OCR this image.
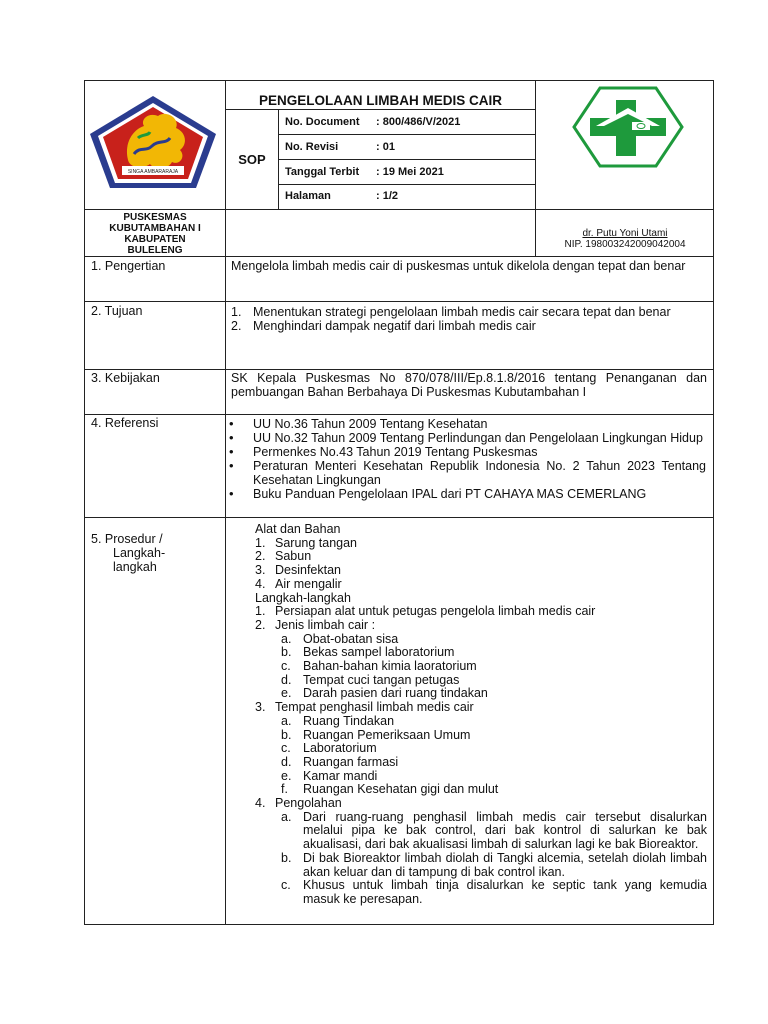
SINGA AMBARARAJA
PENGELOLAAN LIMBAH MEDIS CAIR
SOP
No. Document : 800/486/V/2021
No. Revisi	: 01
Tanggal Terbit : 19 Mei 2021
Halaman	: 1/2
PUSKESMAS
KUBUTAMBAHAN I
KABUPATEN
BULELENG
dr. Putu Yoni Utami
NIP. 198003242009042004
1. Pengertian	Mengelola limbah medis cair di puskesmas untuk dikelola dengan tepat dan benar
2. Tujuan	1. Menentukan strategi pengelolaan limbah medis cair secara tepat dan benar
2. Menghindari dampak negatif dari limbah medis cair
3. Kebijakan	SK Kepala Puskesmas No 870/078/III/Ep.8.1.8/2016 tentang Penanganan dan pembuangan Bahan Berbahaya Di Puskesmas Kubutambahan I
4. Referensi
•	UU No.36 Tahun 2009 Tentang Kesehatan
• UU No.32 Tahun 2009 Tentang Perlindungan dan Pengelolaan Lingkungan Hidup
• Permenkes No.43 Tahun 2019 Tentang Puskesmas
• Peraturan Menteri Kesehatan Republik Indonesia No. 2 Tahun 2023 Tentang Kesehatan Lingkungan
• Buku Panduan Pengelolaan IPAL dari PT CAHAYA MAS CEMERLANG
5. Prosedur /
Langkah-
langkah
Alat dan Bahan
1. Sarung tangan
2. Sabun
3. Desinfektan
4. Air mengalir
Langkah-langkah
1. Persiapan alat untuk petugas pengelola limbah medis cair
2. Jenis limbah cair :
a. Obat-obatan sisa
b. Bekas sampel laboratorium
c. Bahan-bahan kimia laoratorium
d. Tempat cuci tangan petugas
e. Darah pasien dari ruang tindakan
3. Tempat penghasil limbah medis cair
a. Ruang Tindakan
b. Ruangan Pemeriksaan Umum
c. Laboratorium
d. Ruangan farmasi
e. Kamar mandi
f. Ruangan Kesehatan gigi dan mulut
4. Pengolahan
a. Dari ruang-ruang penghasil limbah medis cair tersebut disalurkan melalui pipa ke bak control, dari bak kontrol di salurkan ke bak akualisasi, dari bak akualisasi limbah di salurkan lagi ke bak Bioreaktor.
b. Di bak Bioreaktor limbah diolah di Tangki alcemia, setelah diolah limbah akan keluar dan di tampung di bak control ikan.
c. Khusus untuk limbah tinja disalurkan ke septic tank yang kemudia masuk ke peresapan.
